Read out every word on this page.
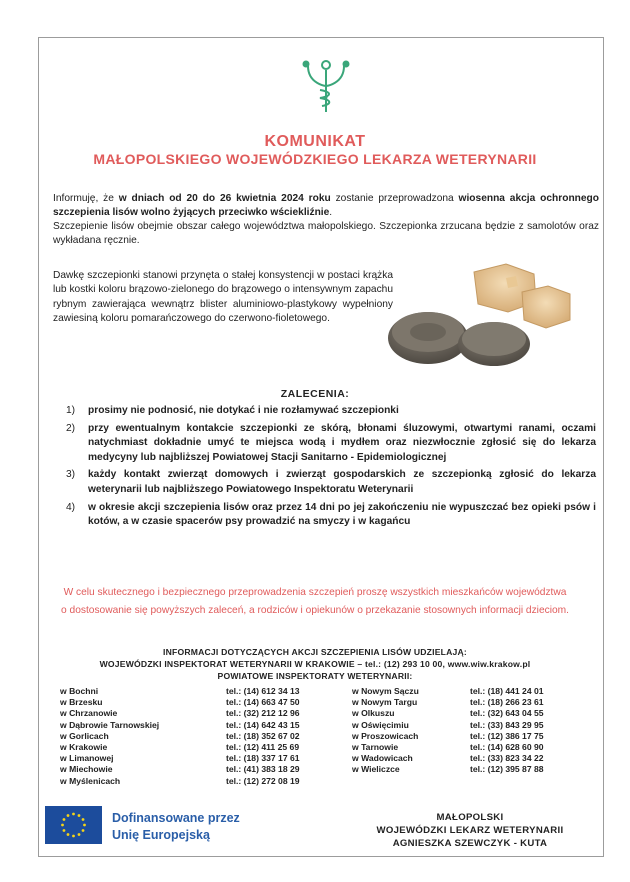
V
KOMUNIKAT
MAŁOPOLSKIEGO WOJEWÓDZKIEGO LEKARZA WETERYNARII

Informuję, że w dniach od 20 do 26 kwietnia 2024 roku zostanie przeprowadzona wiosenna akcja ochronnego szczepienia lisów wolno żyjących przeciwko wściekliźnie.

Szczepienie lisów obejmie obszar całego województwa małopolskiego. Szczepionka zrzucana będzie z samolotów oraz wykładana ręcznie.

Dawkę szczepionki stanowi przynęta o stałej konsystencji w postaci krążka lub kostki koloru brązowo-zielonego do brązowego o intensywnym zapachu rybnym zawierająca wewnątrz blister aluminiowo-plastykowy wypełniony zawiesiną koloru pomarańczowego do czerwono-fioletowego.
ZALECENIA:
1)	prosimy nie podnosić, nie dotykać i nie rozłamywać szczepionki
2)	przy ewentualnym kontakcie szczepionki ze skórą, błonami śluzowymi, otwartymi ranami, oczami natychmiast dokładnie umyć te miejsca wodą i mydłem oraz niezwłocznie zgłosić się do lekarza medycyny lub najbliższej Powiatowej Stacji Sanitarno - Epidemiologicznej
3)	każdy kontakt zwierząt domowych i zwierząt gospodarskich ze szczepionką zgłosić do lekarza weterynarii lub najbliższego Powiatowego Inspektoratu Weterynarii
4)	w okresie akcji szczepienia lisów oraz przez 14 dni po jej zakończeniu nie wypuszczać bez opieki psów i kotów, a w czasie spacerów psy prowadzić na smyczy i w kagańcu
W celu skutecznego i bezpiecznego przeprowadzenia szczepień proszę wszystkich mieszkańców województwa o dostosowanie się powyższych zaleceń, a rodziców i opiekunów o przekazanie stosownych informacji dzieciom.
INFORMACJI DOTYCZĄCYCH AKCJI SZCZEPIENIA LISÓW UDZIELAJĄ:
WOJEWÓDZKI INSPEKTORAT WETERYNARII W KRAKOWIE – tel.: (12) 293 10 00, www.wiw.krakow.pl
POWIATOWE INSPEKTORATY WETERYNARII:
w Bochni	tel.: (14) 612 34 13
w Brzesku	tel.: (14) 663 47 50
w Chrzanowie	tel.: (32) 212 12 96
w Dąbrowie Tarnowskiej	tel.: (14) 642 43 15
w Gorlicach	tel.: (18) 352 67 02
w Krakowie	tel.: (12) 411 25 69
w Limanowej	tel.: (18) 337 17 61
w Miechowie	tel.: (41) 383 18 29
w Myślenicach	tel.: (12) 272 08 19
w Nowym Sączu	tel.: (18) 441 24 01
w Nowym Targu	tel.: (18) 266 23 61
w Olkuszu	tel.: (32) 643 04 55
w Oświęcimiu	tel.: (33) 843 29 95
w Proszowicach	tel.: (12) 386 17 75
w Tarnowie	tel.: (14) 628 60 90
w Wadowicach	tel.: (33) 823 34 22
w Wieliczce	tel.: (12) 395 87 88
Dofinansowane przez
Unię Europejską
MAŁOPOLSKI
WOJEWÓDZKI LEKARZ WETERYNARII
AGNIESZKA SZEWCZYK - KUTA
